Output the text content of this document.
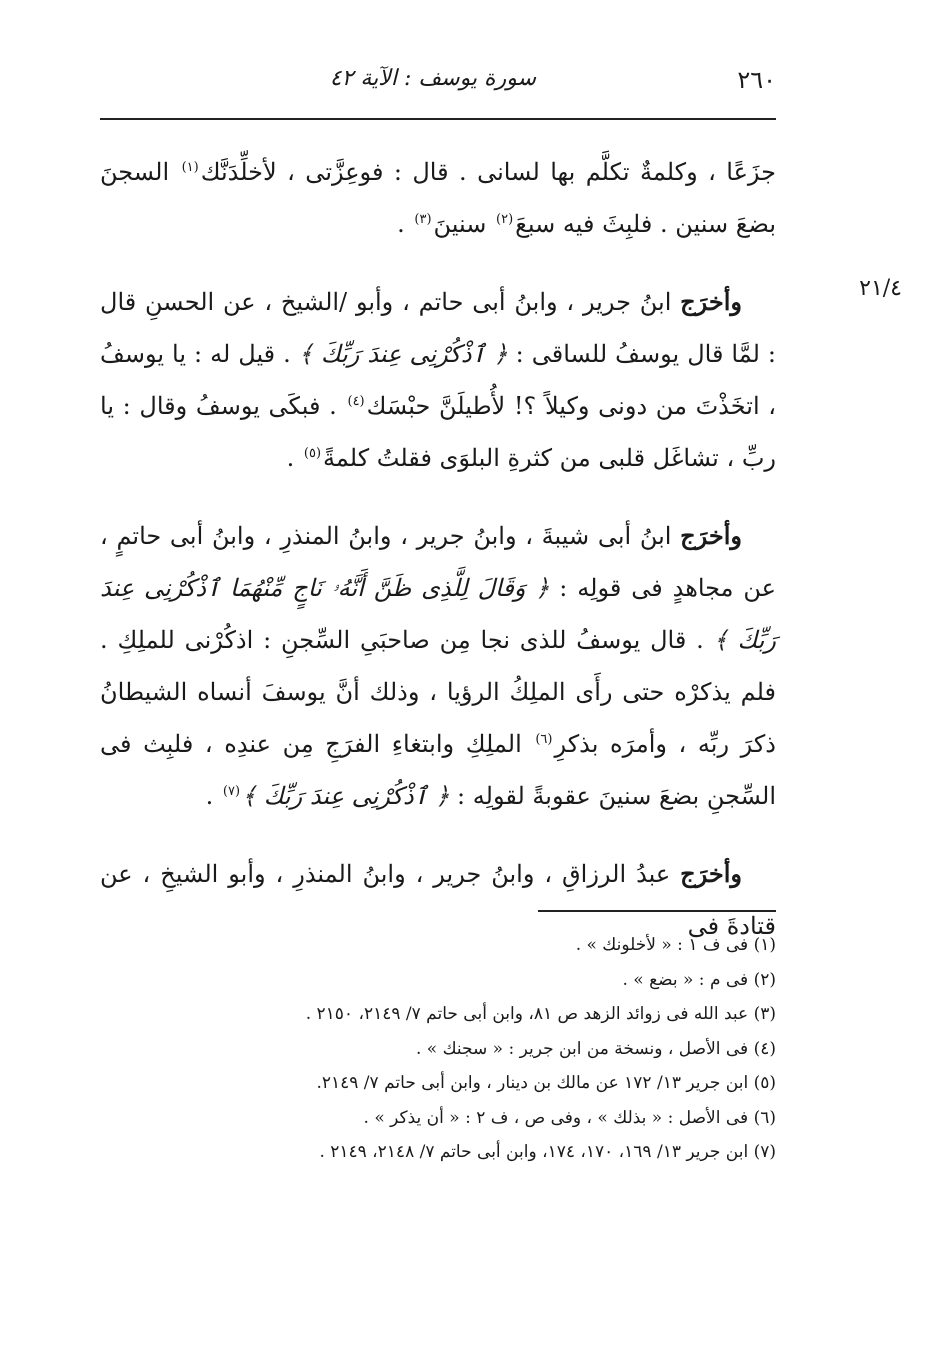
٢٦٠
سورة يوسف : الآية ٤٢
٢١/٤

جزَعًا ، وكلمةٌ تكلَّم بها لسانى . قال : فوعِزَّتى ، لأخلِّدَنَّك$^{(١)}$ السجنَ بضعَ سنين . فلبِثَ فيه سبعَ$^{(٢)}$ سنينَ$^{(٣)}$ .

وأخرَج ابنُ جرير ، وابنُ أبى حاتم ، وأبو /الشيخ ، عن الحسنِ قال : لمَّا قال يوسفُ للساقى : ﴿ ٱذْكُرْنِى عِندَ رَبِّكَ ﴾ . قيل له : يا يوسفُ ، اتخَذْتَ من دونى وكيلاً ؟! لأُطيلَنَّ حبْسَك$^{(٤)}$ . فبكَى يوسفُ وقال : يا ربِّ ، تشاغَل قلبى من كثرةِ البلوَى فقلتُ كلمةً$^{(٥)}$ .

وأخرَج ابنُ أبى شيبةَ ، وابنُ جرير ، وابنُ المنذرِ ، وابنُ أبى حاتمٍ ، عن مجاهدٍ فى قولِه : ﴿ وَقَالَ لِلَّذِى ظَنَّ أَنَّهُۥ نَاجٍ مِّنْهُمَا ٱذْكُرْنِى عِندَ رَبِّكَ ﴾ . قال يوسفُ للذى نجا مِن صاحبَىِ السِّجنِ : اذكُرْنى للملِكِ . فلم يذكرْه حتى رأَى الملِكُ الرؤيا ، وذلك أنَّ يوسفَ أنساه الشيطانُ ذكرَ ربِّه ، وأمرَه بذكرِ$^{(٦)}$ الملِكِ وابتغاءِ الفرَجِ مِن عندِه ، فلبِث فى السِّجنِ بضعَ سنينَ عقوبةً لقولِه : ﴿ ٱذْكُرْنِى عِندَ رَبِّكَ ﴾$^{(٧)}$ .

وأخرَج عبدُ الرزاقِ ، وابنُ جرير ، وابنُ المنذرِ ، وأبو الشيخِ ، عن قتادةَ فى

(١) فى ف ١ : « لأخلونك » .
(٢) فى م : « بضع » .
(٣) عبد الله فى زوائد الزهد ص ٨١، وابن أبى حاتم ٧/ ٢١٤٩، ٢١٥٠ .
(٤) فى الأصل ، ونسخة من ابن جرير : « سجنك » .
(٥) ابن جرير ١٣/ ١٧٢ عن مالك بن دينار ، وابن أبى حاتم ٧/ ٢١٤٩.
(٦) فى الأصل : « بذلك » ، وفى ص ، ف ٢ : « أن يذكر » .
(٧) ابن جرير ١٣/ ١٦٩، ١٧٠، ١٧٤، وابن أبى حاتم ٧/ ٢١٤٨، ٢١٤٩ .
